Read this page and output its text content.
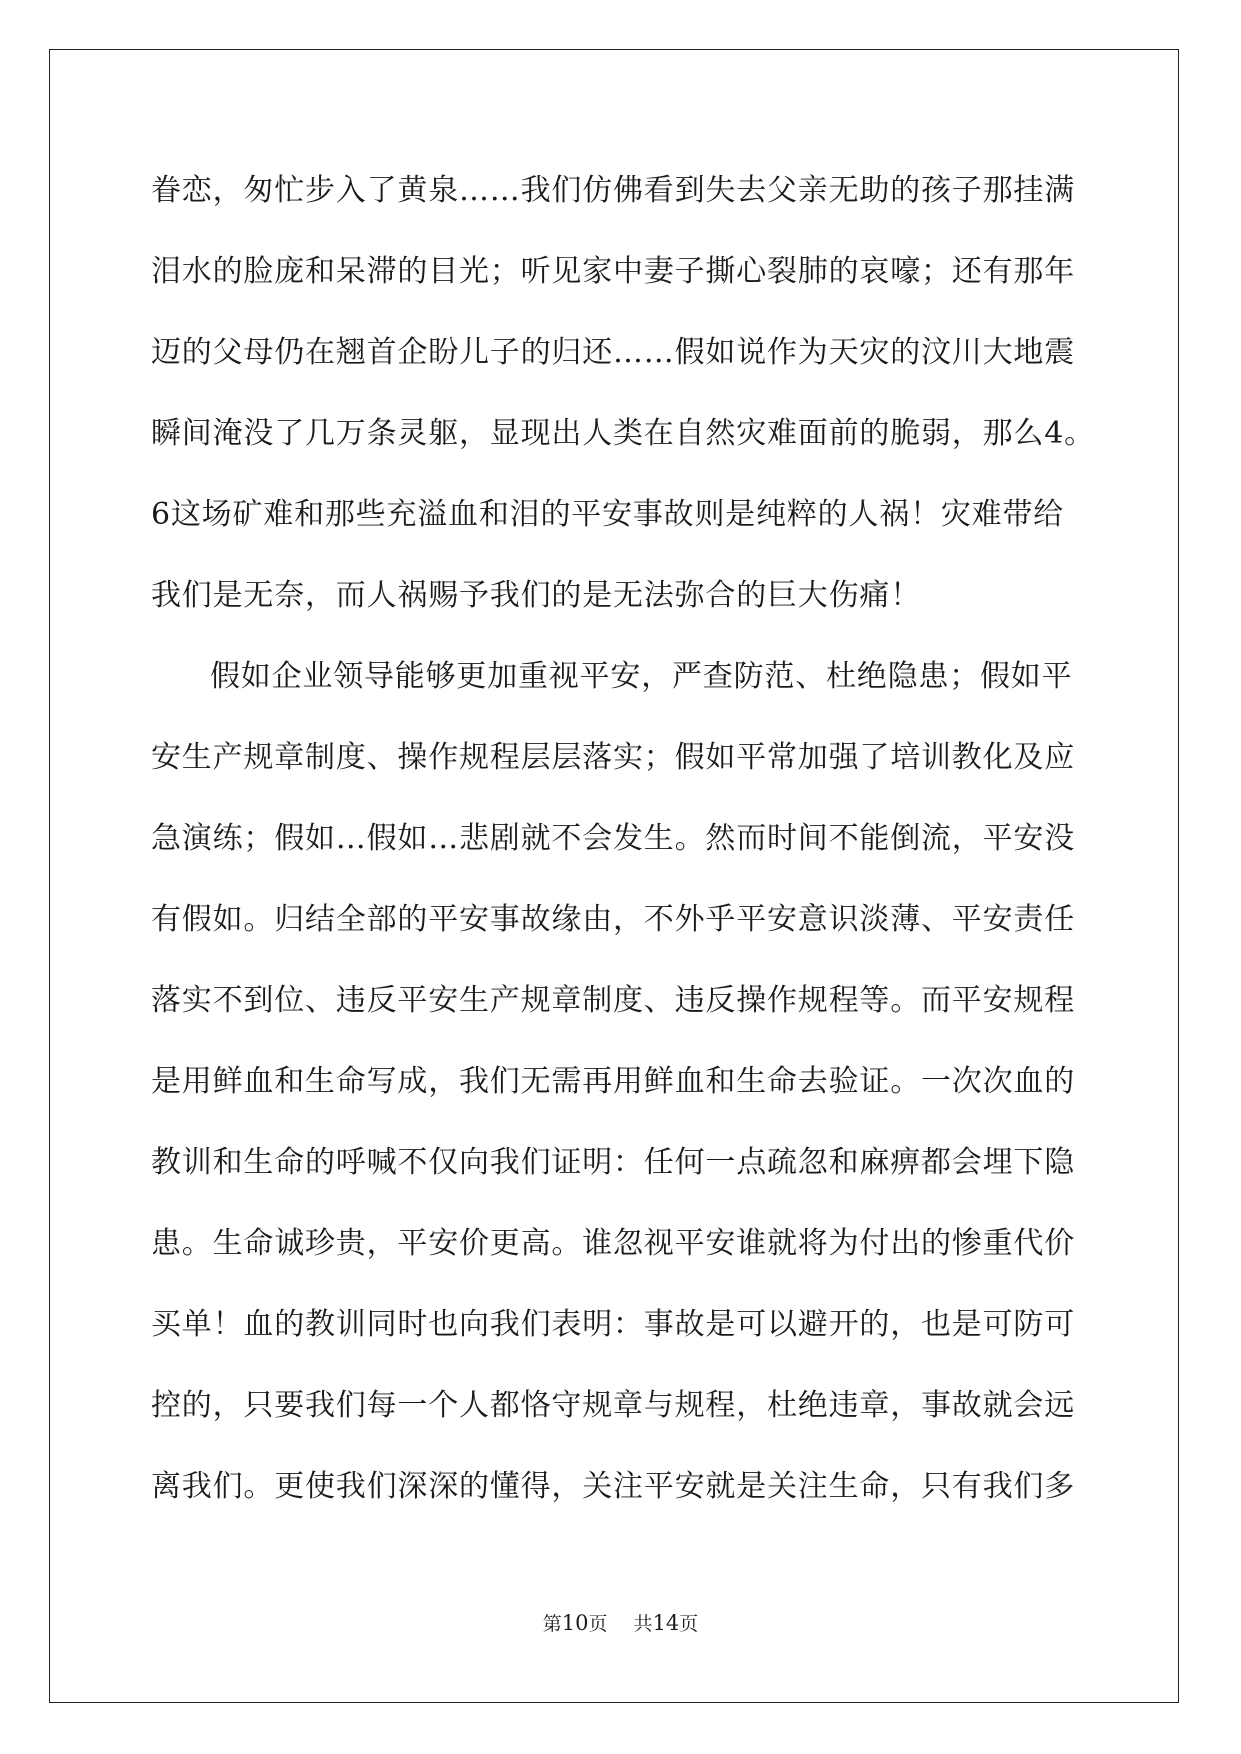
眷恋，匆忙步入了黄泉……我们仿佛看到失去父亲无助的孩子那挂满
泪水的脸庞和呆滞的目光；听见家中妻子撕心裂肺的哀嚎；还有那年
迈的父母仍在翘首企盼儿子的归还……假如说作为天灾的汶川大地震
瞬间淹没了几万条灵躯，显现出人类在自然灾难面前的脆弱，那么4。
6这场矿难和那些充溢血和泪的平安事故则是纯粹的人祸！灾难带给
我们是无奈，而人祸赐予我们的是无法弥合的巨大伤痛！
假如企业领导能够更加重视平安，严查防范、杜绝隐患；假如平
安生产规章制度、操作规程层层落实；假如平常加强了培训教化及应
急演练；假如…假如…悲剧就不会发生。然而时间不能倒流，平安没
有假如。归结全部的平安事故缘由，不外乎平安意识淡薄、平安责任
落实不到位、违反平安生产规章制度、违反操作规程等。而平安规程
是用鲜血和生命写成，我们无需再用鲜血和生命去验证。一次次血的
教训和生命的呼喊不仅向我们证明：任何一点疏忽和麻痹都会埋下隐
患。生命诚珍贵，平安价更高。谁忽视平安谁就将为付出的惨重代价
买单！血的教训同时也向我们表明：事故是可以避开的，也是可防可
控的，只要我们每一个人都恪守规章与规程，杜绝违章，事故就会远
离我们。更使我们深深的懂得，关注平安就是关注生命，只有我们多
第10页 共14页
